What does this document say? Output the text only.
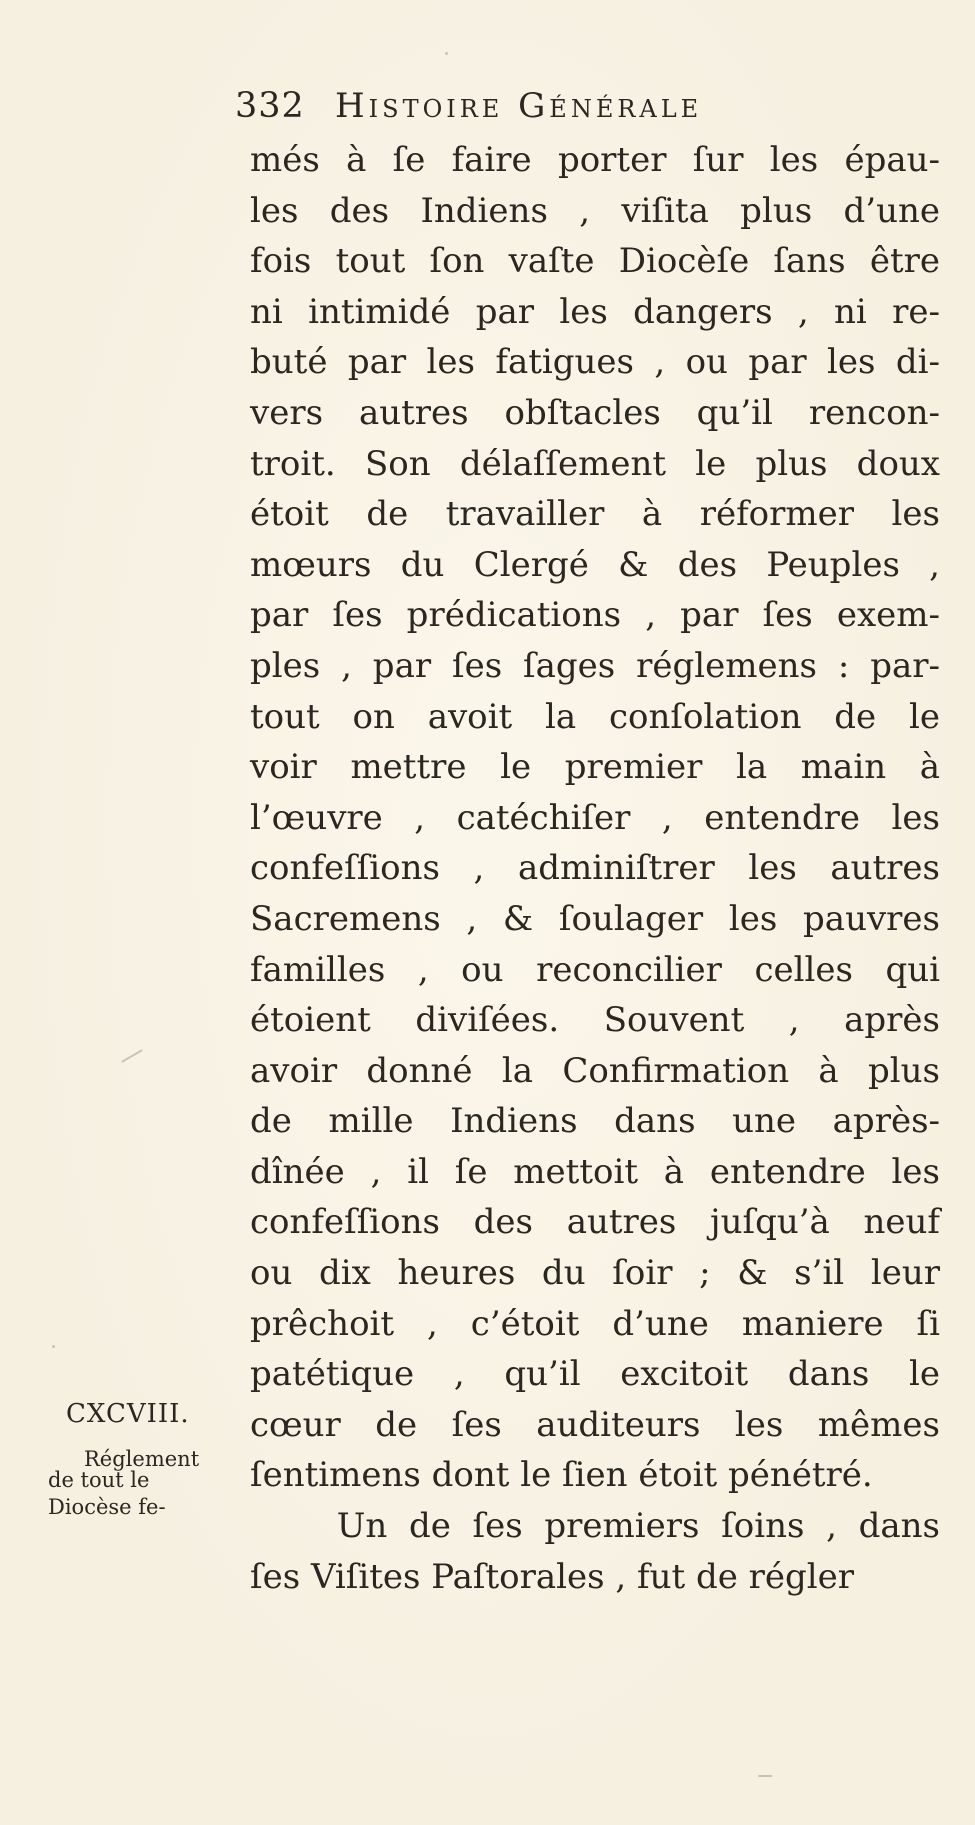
332 Histoire Générale
més à ſe faire porter ſur les épau-
les des Indiens , viſita plus d’une
fois tout ſon vaſte Diocèſe ſans être
ni intimidé par les dangers , ni re-
buté par les fatigues , ou par les di-
vers autres obſtacles qu’il rencon-
troit. Son délaſſement le plus doux
étoit de travailler à réformer les
mœurs du Clergé & des Peuples ,
par ſes prédications , par ſes exem-
ples , par ſes ſages réglemens : par-
tout on avoit la conſolation de le
voir mettre le premier la main à
l’œuvre , catéchiſer , entendre les
confeſſions , adminiſtrer les autres
Sacremens , & ſoulager les pauvres
familles , ou reconcilier celles qui
étoient diviſées. Souvent , après
avoir donné la Confirmation à plus
de mille Indiens dans une après-
dînée , il ſe mettoit à entendre les
confeſſions des autres juſqu’à neuf
ou dix heures du ſoir ; & s’il leur
prêchoit , c’étoit d’une maniere ſi
patétique , qu’il excitoit dans le
cœur de ſes auditeurs les mêmes
ſentimens dont le ſien étoit pénétré.
Un de ſes premiers ſoins , dans
ſes Viſites Paſtorales , fut de régler
CXCVIII.
Réglement
de tout le
Diocèse fe-
